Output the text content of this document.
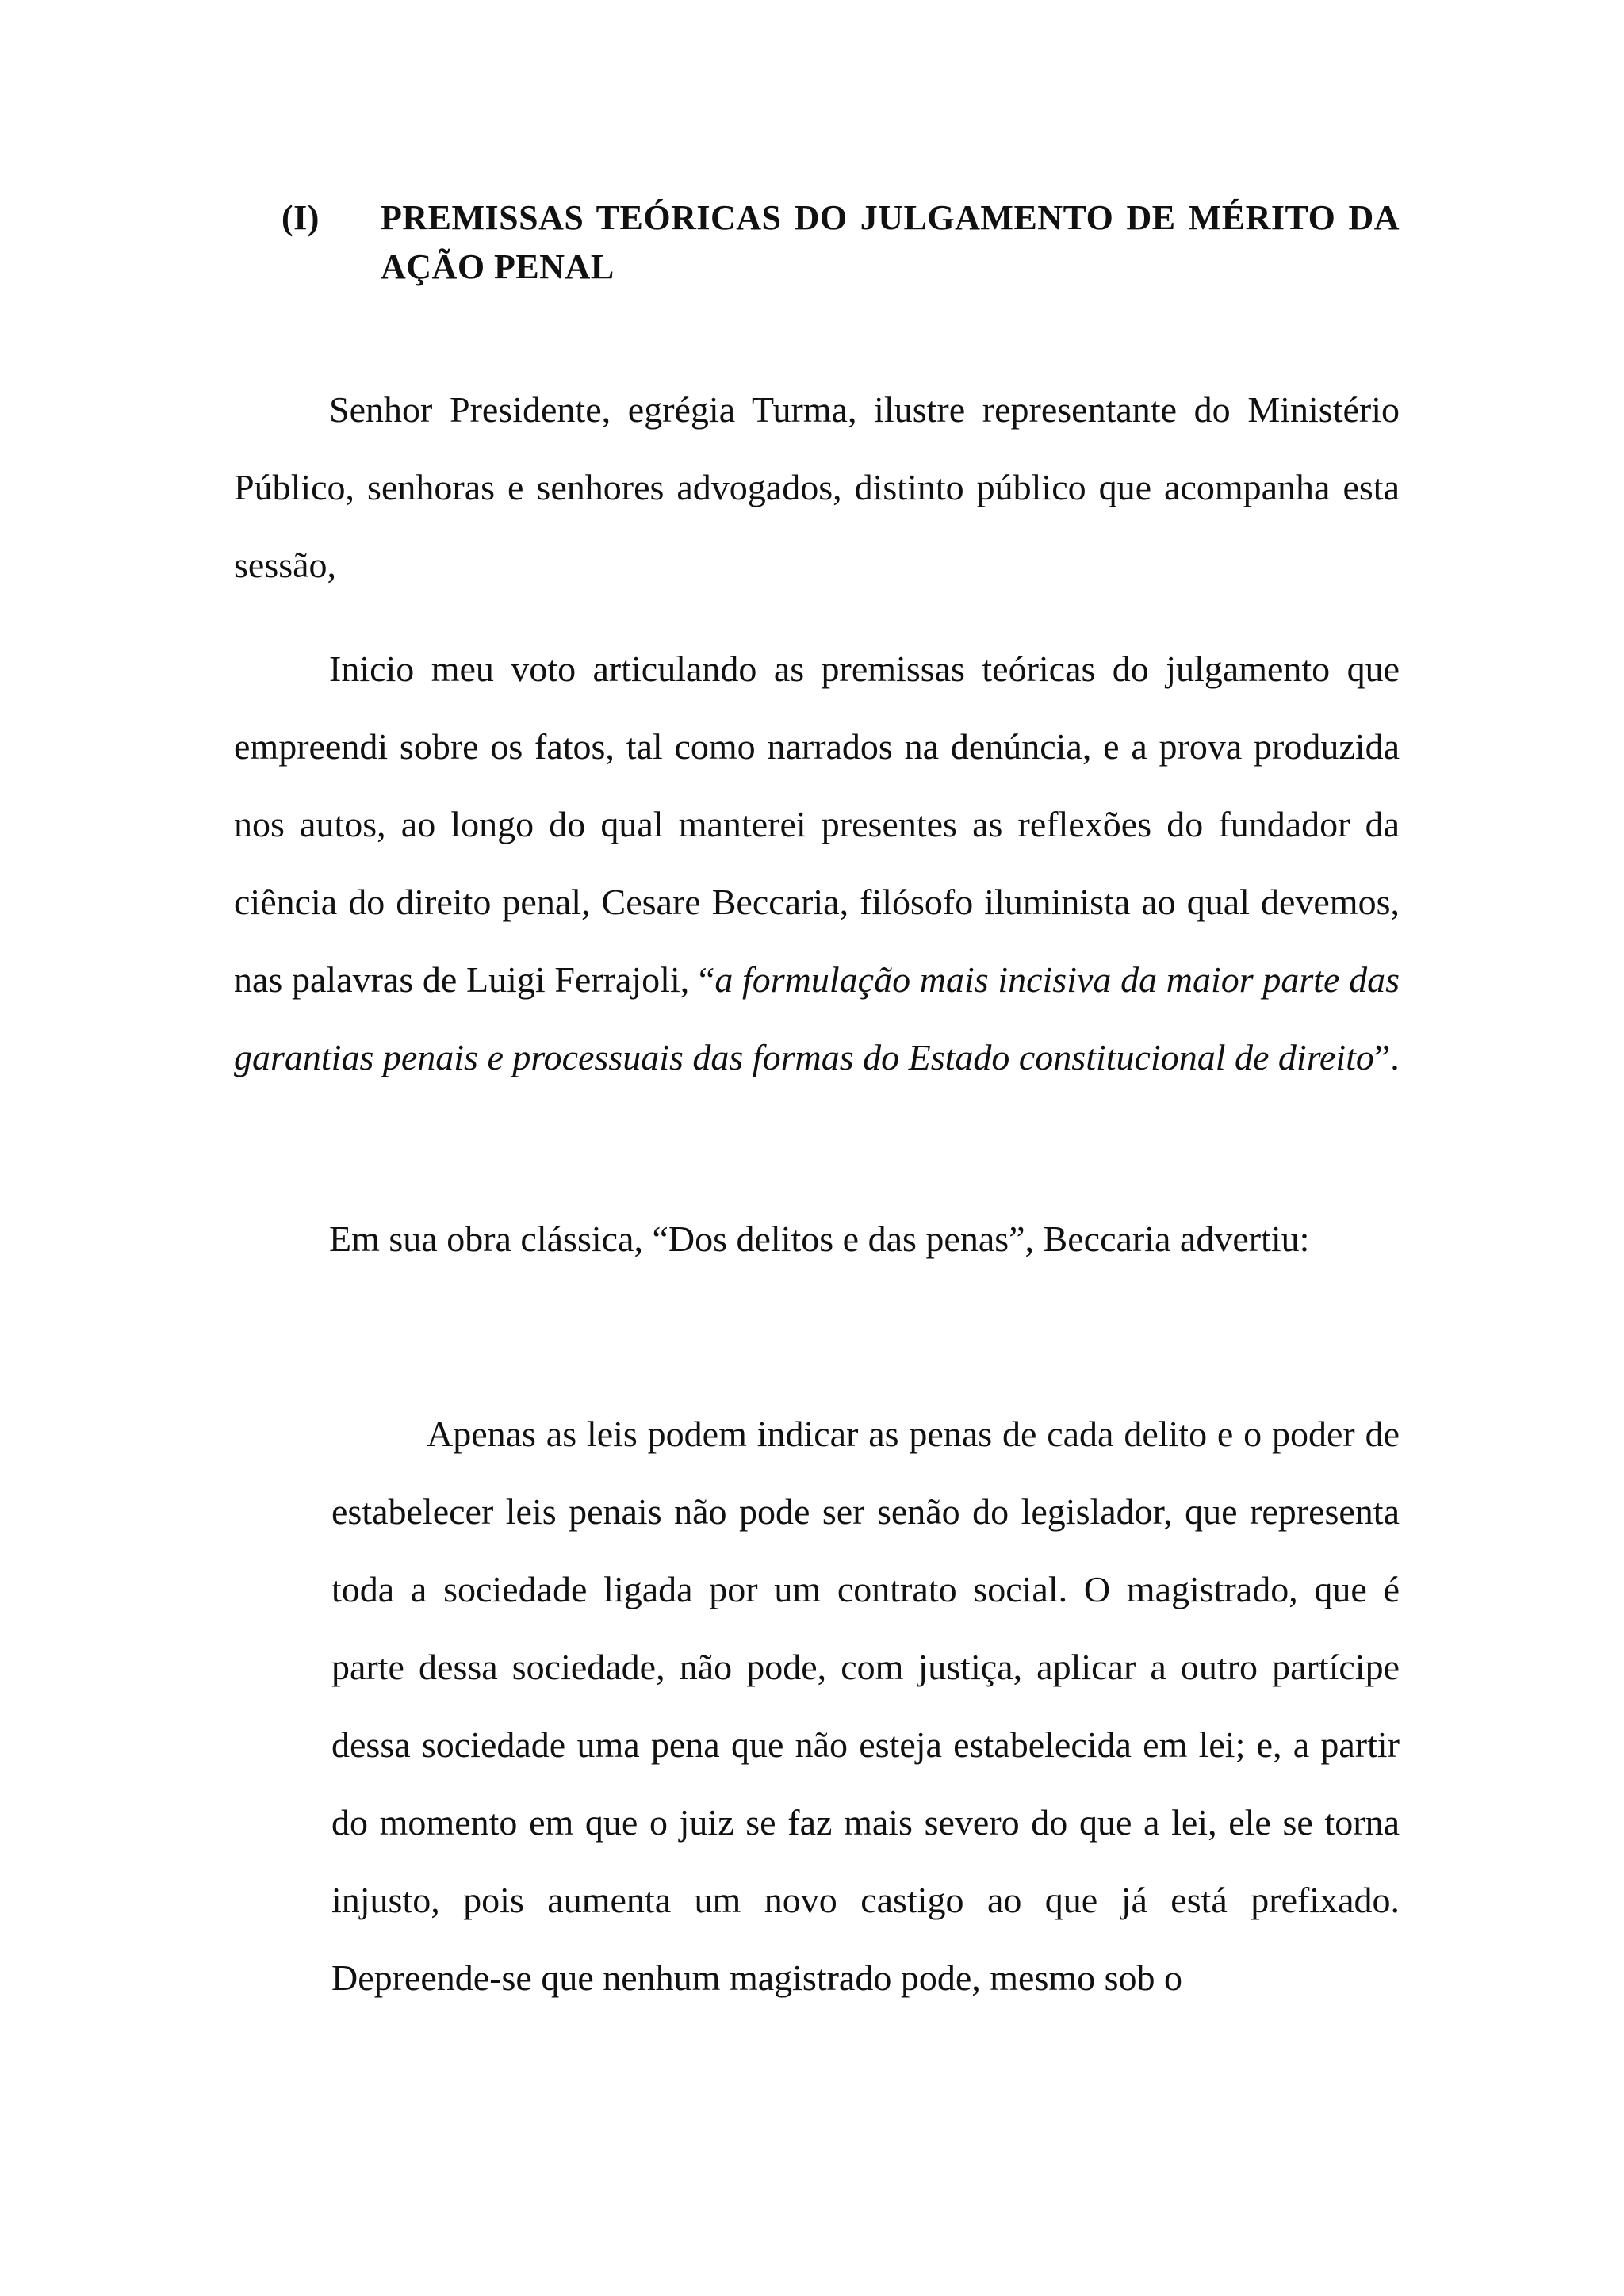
(I) PREMISSAS TEÓRICAS DO JULGAMENTO DE MÉRITO DA AÇÃO PENAL

Senhor Presidente, egrégia Turma, ilustre representante do Ministério Público, senhoras e senhores advogados, distinto público que acompanha esta sessão,

Inicio meu voto articulando as premissas teóricas do julgamento que empreendi sobre os fatos, tal como narrados na denúncia, e a prova produzida nos autos, ao longo do qual manterei presentes as reflexões do fundador da ciência do direito penal, Cesare Beccaria, filósofo iluminista ao qual devemos, nas palavras de Luigi Ferrajoli, “a formulação mais incisiva da maior parte das garantias penais e processuais das formas do Estado constitucional de direito”.

Em sua obra clássica, “Dos delitos e das penas”, Beccaria advertiu:

Apenas as leis podem indicar as penas de cada delito e o poder de estabelecer leis penais não pode ser senão do legislador, que representa toda a sociedade ligada por um contrato social. O magistrado, que é parte dessa sociedade, não pode, com justiça, aplicar a outro partícipe dessa sociedade uma pena que não esteja estabelecida em lei; e, a partir do momento em que o juiz se faz mais severo do que a lei, ele se torna injusto, pois aumenta um novo castigo ao que já está prefixado. Depreende-se que nenhum magistrado pode, mesmo sob o
